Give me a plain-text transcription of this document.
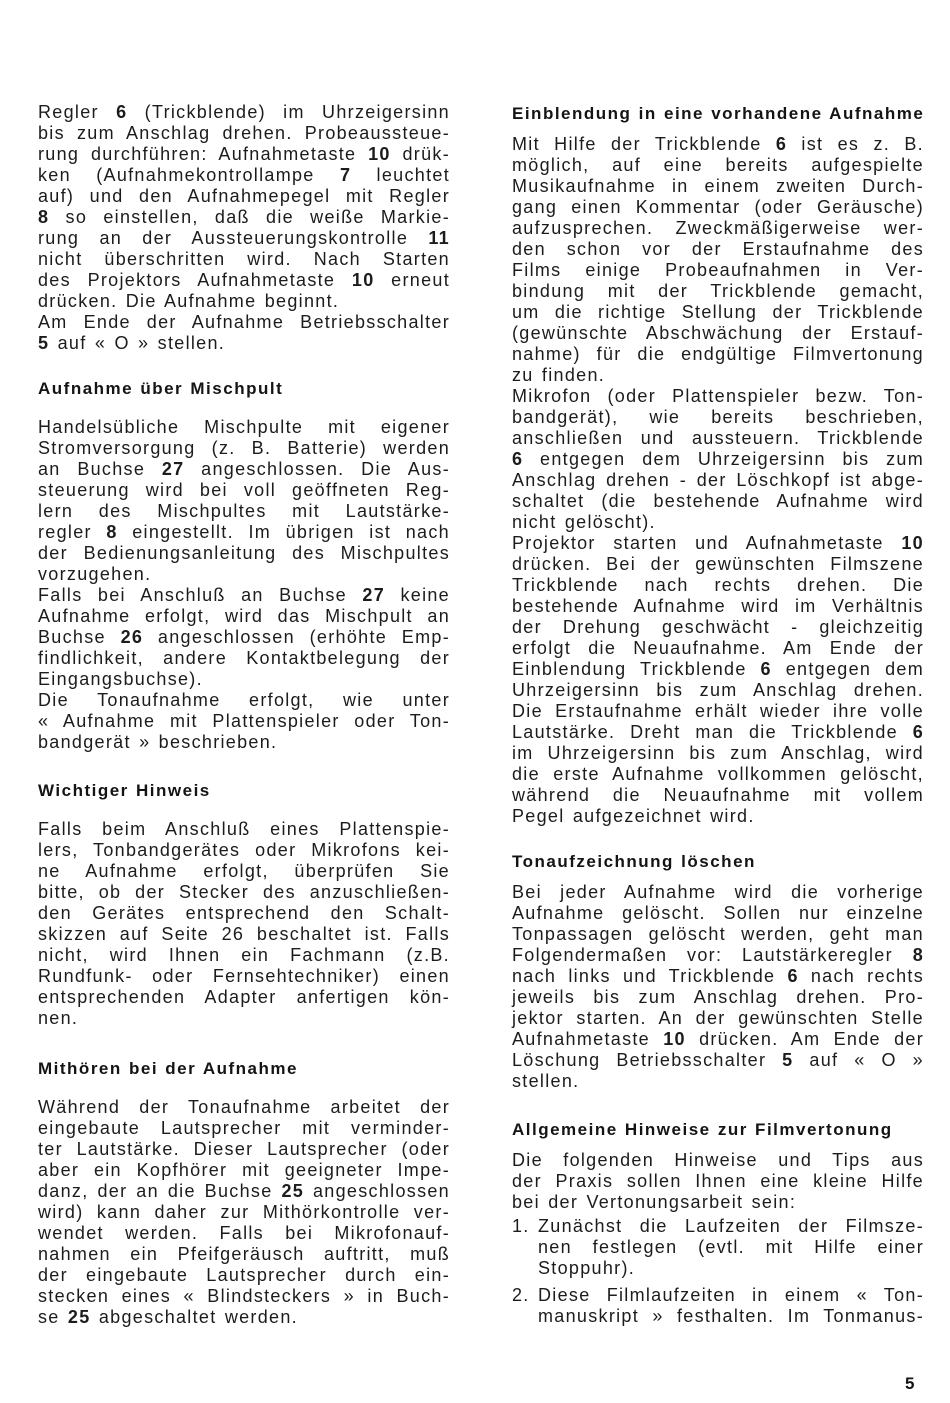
Regler 6 (Trickblende) im Uhrzeigersinn
bis zum Anschlag drehen. Probeaussteue-
rung durchführen: Aufnahmetaste 10 drük-
ken (Aufnahmekontrollampe 7 leuchtet
auf) und den Aufnahmepegel mit Regler
8 so einstellen, daß die weiße Markie-
rung an der Aussteuerungskontrolle 11
nicht überschritten wird. Nach Starten
des Projektors Aufnahmetaste 10 erneut
drücken. Die Aufnahme beginnt.
Am Ende der Aufnahme Betriebsschalter
5 auf « O » stellen.
Aufnahme über Mischpult
Handelsübliche Mischpulte mit eigener
Stromversorgung (z. B. Batterie) werden
an Buchse 27 angeschlossen. Die Aus-
steuerung wird bei voll geöffneten Reg-
lern des Mischpultes mit Lautstärke-
regler 8 eingestellt. Im übrigen ist nach
der Bedienungsanleitung des Mischpultes
vorzugehen.
Falls bei Anschluß an Buchse 27 keine
Aufnahme erfolgt, wird das Mischpult an
Buchse 26 angeschlossen (erhöhte Emp-
findlichkeit, andere Kontaktbelegung der
Eingangsbuchse).
Die Tonaufnahme erfolgt, wie unter
« Aufnahme mit Plattenspieler oder Ton-
bandgerät » beschrieben.
Wichtiger Hinweis
Falls beim Anschluß eines Plattenspie-
lers, Tonbandgerätes oder Mikrofons kei-
ne Aufnahme erfolgt, überprüfen Sie
bitte, ob der Stecker des anzuschließen-
den Gerätes entsprechend den Schalt-
skizzen auf Seite 26 beschaltet ist. Falls
nicht, wird Ihnen ein Fachmann (z.B.
Rundfunk- oder Fernsehtechniker) einen
entsprechenden Adapter anfertigen kön-
nen.
Mithören bei der Aufnahme
Während der Tonaufnahme arbeitet der
eingebaute Lautsprecher mit verminder-
ter Lautstärke. Dieser Lautsprecher (oder
aber ein Kopfhörer mit geeigneter Impe-
danz, der an die Buchse 25 angeschlossen
wird) kann daher zur Mithörkontrolle ver-
wendet werden. Falls bei Mikrofonauf-
nahmen ein Pfeifgeräusch auftritt, muß
der eingebaute Lautsprecher durch ein-
stecken eines « Blindsteckers » in Buch-
se 25 abgeschaltet werden.
Einblendung in eine vorhandene Aufnahme
Mit Hilfe der Trickblende 6 ist es z. B.
möglich, auf eine bereits aufgespielte
Musikaufnahme in einem zweiten Durch-
gang einen Kommentar (oder Geräusche)
aufzusprechen. Zweckmäßigerweise wer-
den schon vor der Erstaufnahme des
Films einige Probeaufnahmen in Ver-
bindung mit der Trickblende gemacht,
um die richtige Stellung der Trickblende
(gewünschte Abschwächung der Erstauf-
nahme) für die endgültige Filmvertonung
zu finden.
Mikrofon (oder Plattenspieler bezw. Ton-
bandgerät), wie bereits beschrieben,
anschließen und aussteuern. Trickblende
6 entgegen dem Uhrzeigersinn bis zum
Anschlag drehen - der Löschkopf ist abge-
schaltet (die bestehende Aufnahme wird
nicht gelöscht).
Projektor starten und Aufnahmetaste 10
drücken. Bei der gewünschten Filmszene
Trickblende nach rechts drehen. Die
bestehende Aufnahme wird im Verhältnis
der Drehung geschwächt - gleichzeitig
erfolgt die Neuaufnahme. Am Ende der
Einblendung Trickblende 6 entgegen dem
Uhrzeigersinn bis zum Anschlag drehen.
Die Erstaufnahme erhält wieder ihre volle
Lautstärke. Dreht man die Trickblende 6
im Uhrzeigersinn bis zum Anschlag, wird
die erste Aufnahme vollkommen gelöscht,
während die Neuaufnahme mit vollem
Pegel aufgezeichnet wird.
Tonaufzeichnung löschen
Bei jeder Aufnahme wird die vorherige
Aufnahme gelöscht. Sollen nur einzelne
Tonpassagen gelöscht werden, geht man
Folgendermaßen vor: Lautstärkeregler 8
nach links und Trickblende 6 nach rechts
jeweils bis zum Anschlag drehen. Pro-
jektor starten. An der gewünschten Stelle
Aufnahmetaste 10 drücken. Am Ende der
Löschung Betriebsschalter 5 auf « O »
stellen.
Allgemeine Hinweise zur Filmvertonung
Die folgenden Hinweise und Tips aus
der Praxis sollen Ihnen eine kleine Hilfe
bei der Vertonungsarbeit sein:
1. Zunächst die Laufzeiten der Filmsze-
nen festlegen (evtl. mit Hilfe einer
Stoppuhr).
2. Diese Filmlaufzeiten in einem « Ton-
manuskript » festhalten. Im Tonmanus-
5
